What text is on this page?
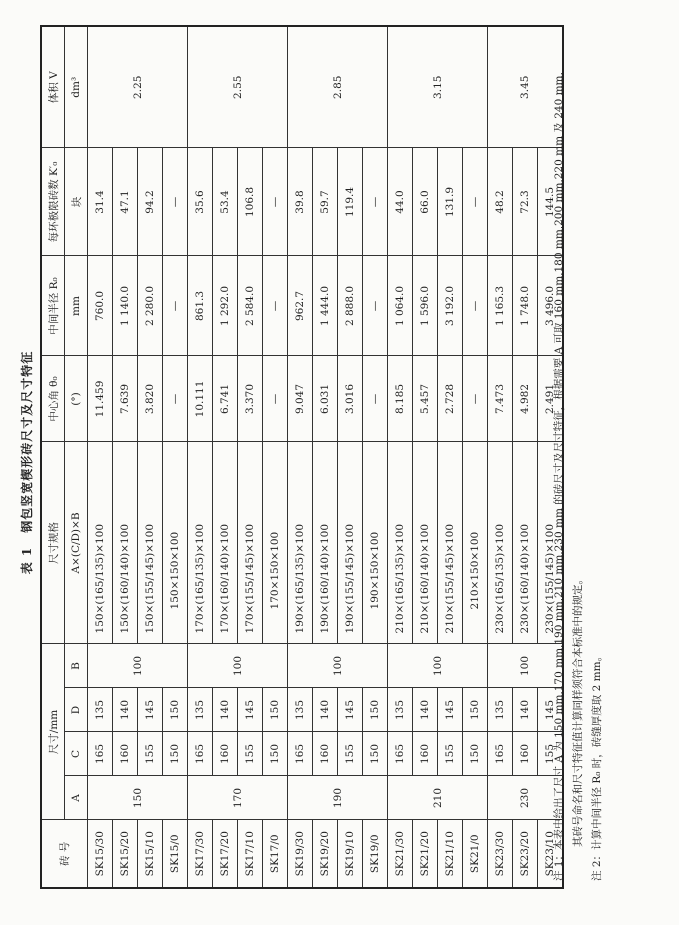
表 1钢包竖宽楔形砖尺寸及尺寸特征
砖 号	尺寸/mm				尺寸规格	中心角 θ₀	中间半径 R₀	每环极限砖数 K′₀	体积 V
	A	C	D	B		(°)	mm	块	dm³
					A×(C/D)×B				
SK15/30	150	165	135	100	150×(165/135)×100	11.459	760.0	31.4	2.25
SK15/20		160	140		150×(160/140)×100	7.639	1 140.0	47.1	
SK15/10		155	145		150×(155/145)×100	3.820	2 280.0	94.2	
SK15/0		150	150		150×150×100	—	—	—	
SK17/30	170	165	135	100	170×(165/135)×100	10.111	861.3	35.6	2.55
SK17/20		160	140		170×(160/140)×100	6.741	1 292.0	53.4	
SK17/10		155	145		170×(155/145)×100	3.370	2 584.0	106.8	
SK17/0		150	150		170×150×100	—	—	—	
SK19/30	190	165	135	100	190×(165/135)×100	9.047	962.7	39.8	2.85
SK19/20		160	140		190×(160/140)×100	6.031	1 444.0	59.7	
SK19/10		155	145		190×(155/145)×100	3.016	2 888.0	119.4	
SK19/0		150	150		190×150×100	—	—	—	
SK21/30	210	165	135	100	210×(165/135)×100	8.185	1 064.0	44.0	3.15
SK21/20		160	140		210×(160/140)×100	5.457	1 596.0	66.0	
SK21/10		155	145		210×(155/145)×100	2.728	3 192.0	131.9	
SK21/0		150	150		210×150×100	—	—	—	
SK23/30	230	165	135	100	230×(165/135)×100	7.473	1 165.3	48.2	3.45
SK23/20		160	140		230×(160/140)×100	4.982	1 748.0	72.3	
SK23/10		155	145		230×(155/145)×100	2.491	3 496.0	144.5	
注 1：本表中给出了尺寸 A 为 150 mm,170 mm,190 mm,210 mm,230 mm 的砖尺寸及尺寸特征，根据需要 A 可取 160 mm,180 mm,200 mm,220 mm 及 240 mm, 其砖号命名和尺寸特征值计算同样须符合本标准中的规定。 注 2：计算中间半径 R₀ 时，砖缝厚度取 2 mm。
